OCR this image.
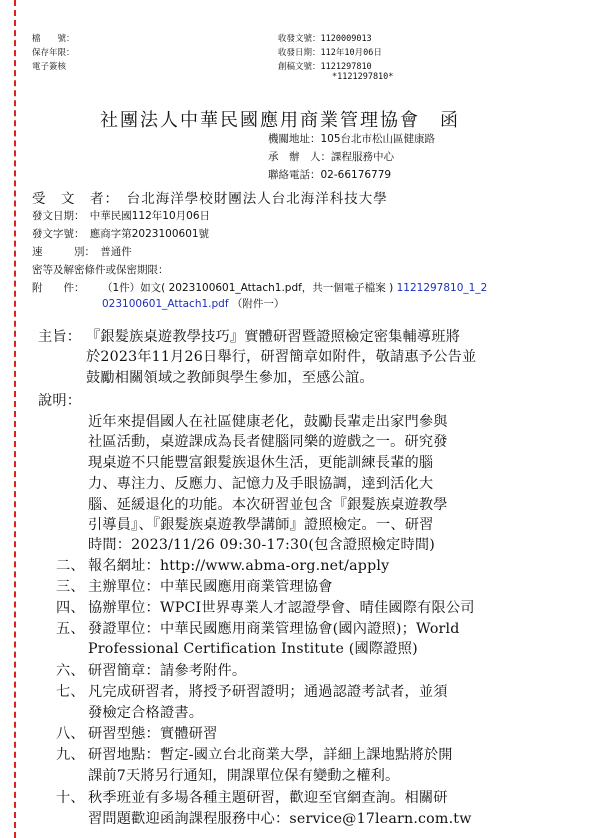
檔　　號：
保存年限：
電子簽核
收發文號：1120009013
收發日期：112年10月06日
創稿文號：1121297810
*1121297810*
社團法人中華民國應用商業管理協會　函
機關地址：105台北市松山區健康路
承　辦　人：課程服務中心
聯絡電話：02-66176779
受　文　者：　台北海洋學校財團法人台北海洋科技大學
發文日期：　中華民國112年10月06日
發文字號：　應商字第2023100601號
速　　　別：　普通件
密等及解密條件或保密期限：
附　　件： （1件）如文( 2023100601_Attach1.pdf，共一個電子檔案 ) 1121297810_1_2
023100601_Attach1.pdf （附件一）
主旨： 『銀髮族桌遊教學技巧』實體研習暨證照檢定密集輔導班將
於2023年11月26日舉行，研習簡章如附件，敬請惠予公告並
鼓勵相關領域之教師與學生參加，至感公誼。
說明：
近年來提倡國人在社區健康老化，鼓勵長輩走出家門參與
社區活動，桌遊課成為長者健腦同樂的遊戲之一。研究發
現桌遊不只能豐富銀髮族退休生活，更能訓練長輩的腦
力、專注力、反應力、記憶力及手眼協調，達到活化大
腦、延緩退化的功能。本次研習並包含『銀髮族桌遊教學
引導員』、『銀髮族桌遊教學講師』證照檢定。一、研習
時間：2023/11/26 09:30-17:30(包含證照檢定時間)
二、 報名網址：http://www.abma-org.net/apply
三、 主辦單位：中華民國應用商業管理協會
四、 協辦單位：WPCI世界專業人才認證學會、晴佳國際有限公司
五、 發證單位：中華民國應用商業管理協會(國內證照)；World
Professional Certification Institute (國際證照)
六、 研習簡章：請參考附件。
七、 凡完成研習者，將授予研習證明；通過認證考試者，並須
發檢定合格證書。
八、 研習型態：實體研習
九、 研習地點：暫定-國立台北商業大學，詳細上課地點將於開
課前7天將另行通知，開課單位保有變動之權利。
十、 秋季班並有多場各種主題研習，歡迎至官網查詢。相關研
習問題歡迎函詢課程服務中心：service@17learn.com.tw
